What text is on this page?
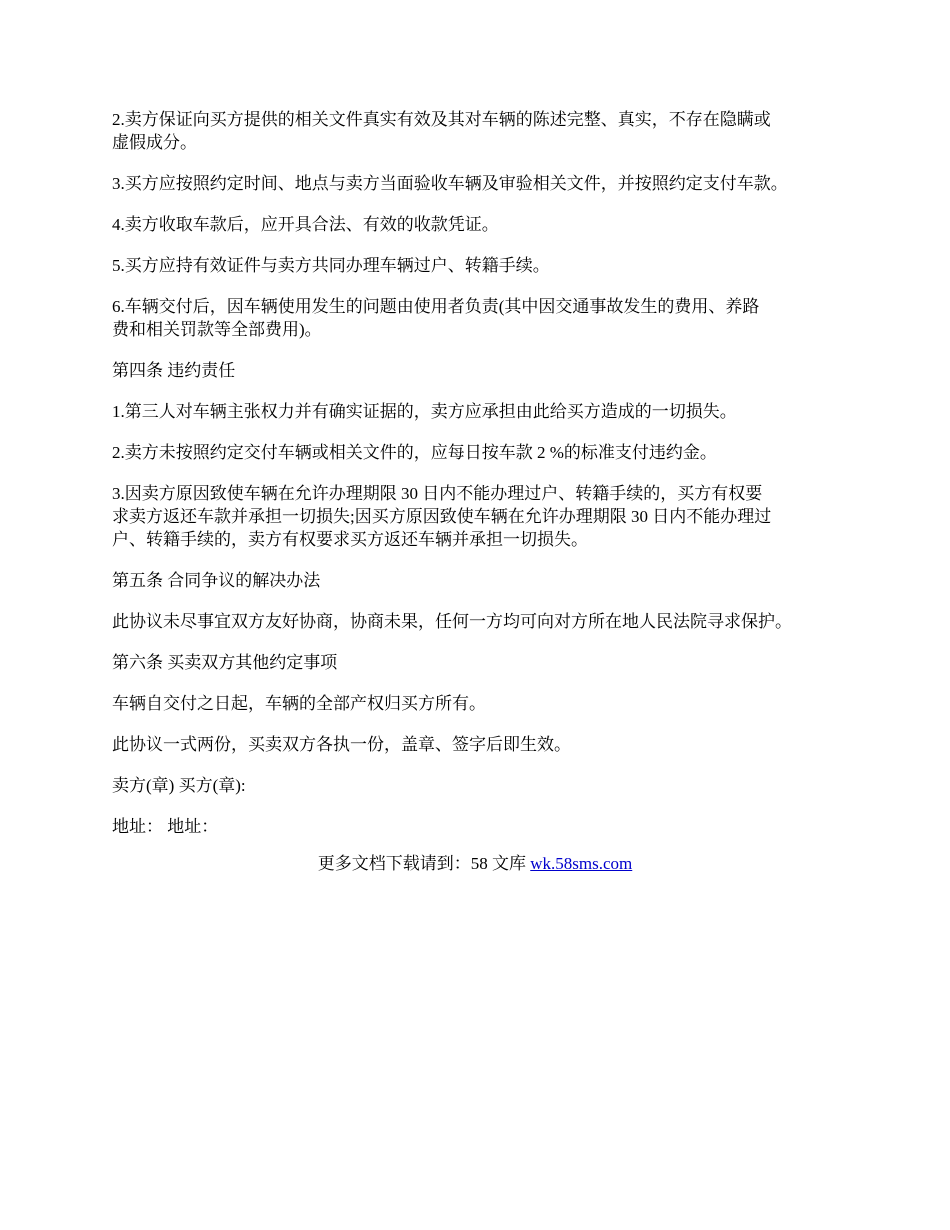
2.卖方保证向买方提供的相关文件真实有效及其对车辆的陈述完整、真实，不存在隐瞒或
虚假成分。

3.买方应按照约定时间、地点与卖方当面验收车辆及审验相关文件，并按照约定支付车款。

4.卖方收取车款后，应开具合法、有效的收款凭证。

5.买方应持有效证件与卖方共同办理车辆过户、转籍手续。

6.车辆交付后，因车辆使用发生的问题由使用者负责(其中因交通事故发生的费用、养路
费和相关罚款等全部费用)。

第四条 违约责任

1.第三人对车辆主张权力并有确实证据的，卖方应承担由此给买方造成的一切损失。

2.卖方未按照约定交付车辆或相关文件的，应每日按车款 2 %的标准支付违约金。

3.因卖方原因致使车辆在允许办理期限 30 日内不能办理过户、转籍手续的，买方有权要
求卖方返还车款并承担一切损失;因买方原因致使车辆在允许办理期限 30 日内不能办理过
户、转籍手续的，卖方有权要求买方返还车辆并承担一切损失。

第五条 合同争议的解决办法

此协议未尽事宜双方友好协商，协商未果，任何一方均可向对方所在地人民法院寻求保护。

第六条 买卖双方其他约定事项

车辆自交付之日起，车辆的全部产权归买方所有。

此协议一式两份，买卖双方各执一份，盖章、签字后即生效。

卖方(章) 买方(章):

地址： 地址：

更多文档下载请到：58 文库 wk.58sms.com
